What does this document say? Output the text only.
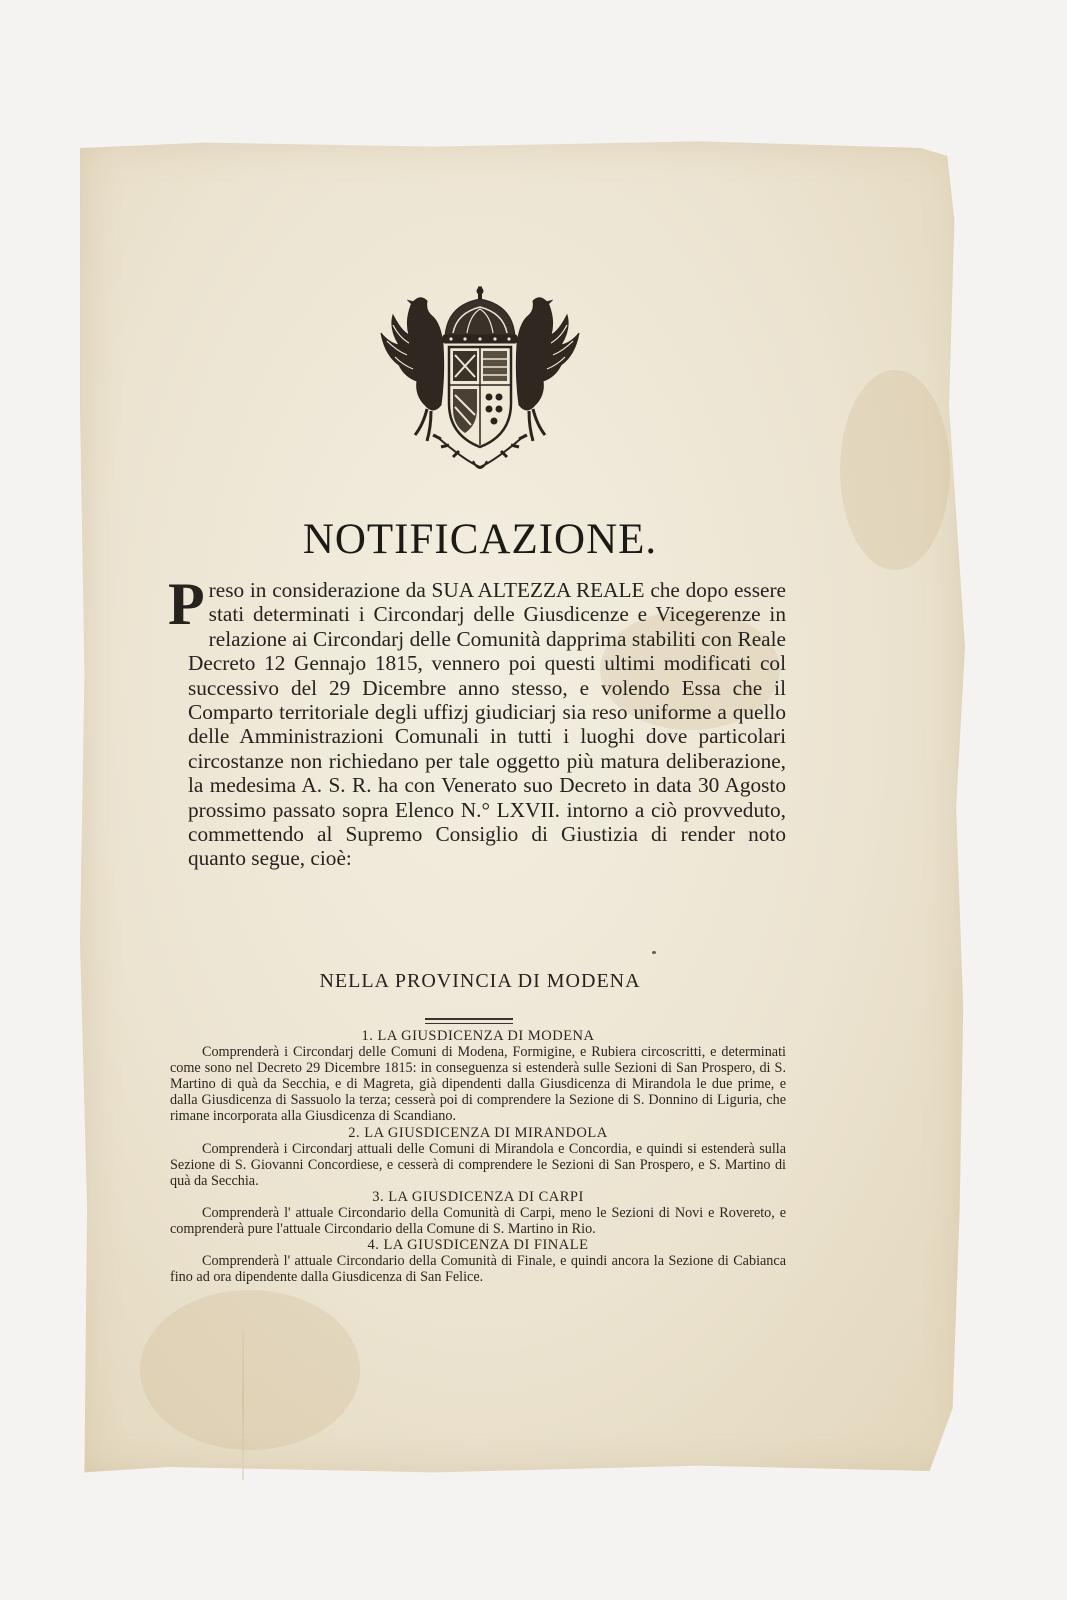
NOTIFICAZIONE.

Preso in considerazione da SUA ALTEZZA REALE che dopo essere stati determinati i Circondarj delle Giusdicenze e Vicegerenze in relazione ai Circondarj delle Comunità dapprima stabiliti con Reale Decreto 12 Gennajo 1815, vennero poi questi ultimi modificati col successivo del 29 Dicembre anno stesso, e volendo Essa che il Comparto territoriale degli uffizj giudiciarj sia reso uniforme a quello delle Amministrazioni Comunali in tutti i luoghi dove particolari circostanze non richiedano per tale oggetto più matura deliberazione, la medesima A. S. R. ha con Venerato suo Decreto in data 30 Agosto prossimo passato sopra Elenco N.° LXVII. intorno a ciò provveduto, commettendo al Supremo Consiglio di Giustizia di render noto quanto segue, cioè:

NELLA PROVINCIA DI MODENA
1. LA GIUSDICENZA DI MODENA
Comprenderà i Circondarj delle Comuni di Modena, Formigine, e Rubiera circoscritti, e determinati come sono nel Decreto 29 Dicembre 1815: in conseguenza si estenderà sulle Sezioni di San Prospero, di S. Martino di quà da Secchia, e di Magreta, già dipendenti dalla Giusdicenza di Mirandola le due prime, e dalla Giusdicenza di Sassuolo la terza; cesserà poi di comprendere la Sezione di S. Donnino di Liguria, che rimane incorporata alla Giusdicenza di Scandiano.
2. LA GIUSDICENZA DI MIRANDOLA
Comprenderà i Circondarj attuali delle Comuni di Mirandola e Concordia, e quindi si estenderà sulla Sezione di S. Giovanni Concordiese, e cesserà di comprendere le Sezioni di San Prospero, e S. Martino di quà da Secchia.
3. LA GIUSDICENZA DI CARPI
Comprenderà l' attuale Circondario della Comunità di Carpi, meno le Sezioni di Novi e Rovereto, e comprenderà pure l'attuale Circondario della Comune di S. Martino in Rio.
4. LA GIUSDICENZA DI FINALE
Comprenderà l' attuale Circondario della Comunità di Finale, e quindi ancora la Sezione di Cabianca fino ad ora dipendente dalla Giusdicenza di San Felice.
